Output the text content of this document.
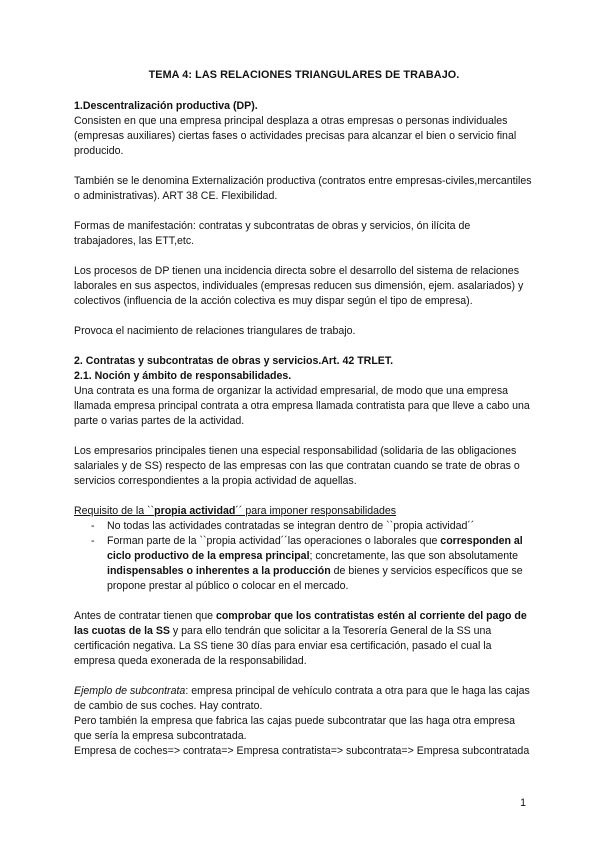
TEMA 4: LAS RELACIONES TRIANGULARES DE TRABAJO.

1.Descentralización productiva (DP).

Consisten en que una empresa principal desplaza a otras empresas o personas individuales (empresas auxiliares) ciertas fases o actividades precisas para alcanzar el bien o servicio final producido.

También se le denomina Externalización productiva (contratos entre empresas-civiles,mercantiles o administrativas). ART 38 CE. Flexibilidad.

Formas de manifestación: contratas y subcontratas de obras y servicios, ón ilícita de trabajadores, las ETT,etc.

Los procesos de DP tienen una incidencia directa sobre el desarrollo del sistema de relaciones laborales en sus aspectos, individuales (empresas reducen sus dimensión, ejem. asalariados) y colectivos (influencia de la acción colectiva es muy dispar según el tipo de empresa).

Provoca el nacimiento de relaciones triangulares de trabajo.

2. Contratas y subcontratas de obras y servicios.Art. 42 TRLET.

2.1. Noción y ámbito de responsabilidades.

Una contrata es una forma de organizar la actividad empresarial, de modo que una empresa llamada empresa principal contrata a otra empresa llamada contratista para que lleve a cabo una parte o varias partes de la actividad.

Los empresarios principales tienen una especial responsabilidad (solidaria de las obligaciones salariales y de SS) respecto de las empresas con las que contratan cuando se trate de obras o servicios correspondientes a la propia actividad de aquellas.

Requisito de la ``propia actividad´´ para imponer responsabilidades

- No todas las actividades contratadas se integran dentro de ``propia actividad´´
- Forman parte de la ``propia actividad´´las operaciones o laborales que corresponden al ciclo productivo de la empresa principal; concretamente, las que son absolutamente indispensables o inherentes a la producción de bienes y servicios específicos que se propone prestar al público o colocar en el mercado.

Antes de contratar tienen que comprobar que los contratistas estén al corriente del pago de las cuotas de la SS y para ello tendrán que solicitar a la Tesorería General de la SS una certificación negativa. La SS tiene 30 días para enviar esa certificación, pasado el cual la empresa queda exonerada de la responsabilidad.

Ejemplo de subcontrata: empresa principal de vehículo contrata a otra para que le haga las cajas de cambio de sus coches. Hay contrato.

Pero también la empresa que fabrica las cajas puede subcontratar que las haga otra empresa que sería la empresa subcontratada.

Empresa de coches=> contrata=> Empresa contratista=> subcontrata=> Empresa subcontratada

1
